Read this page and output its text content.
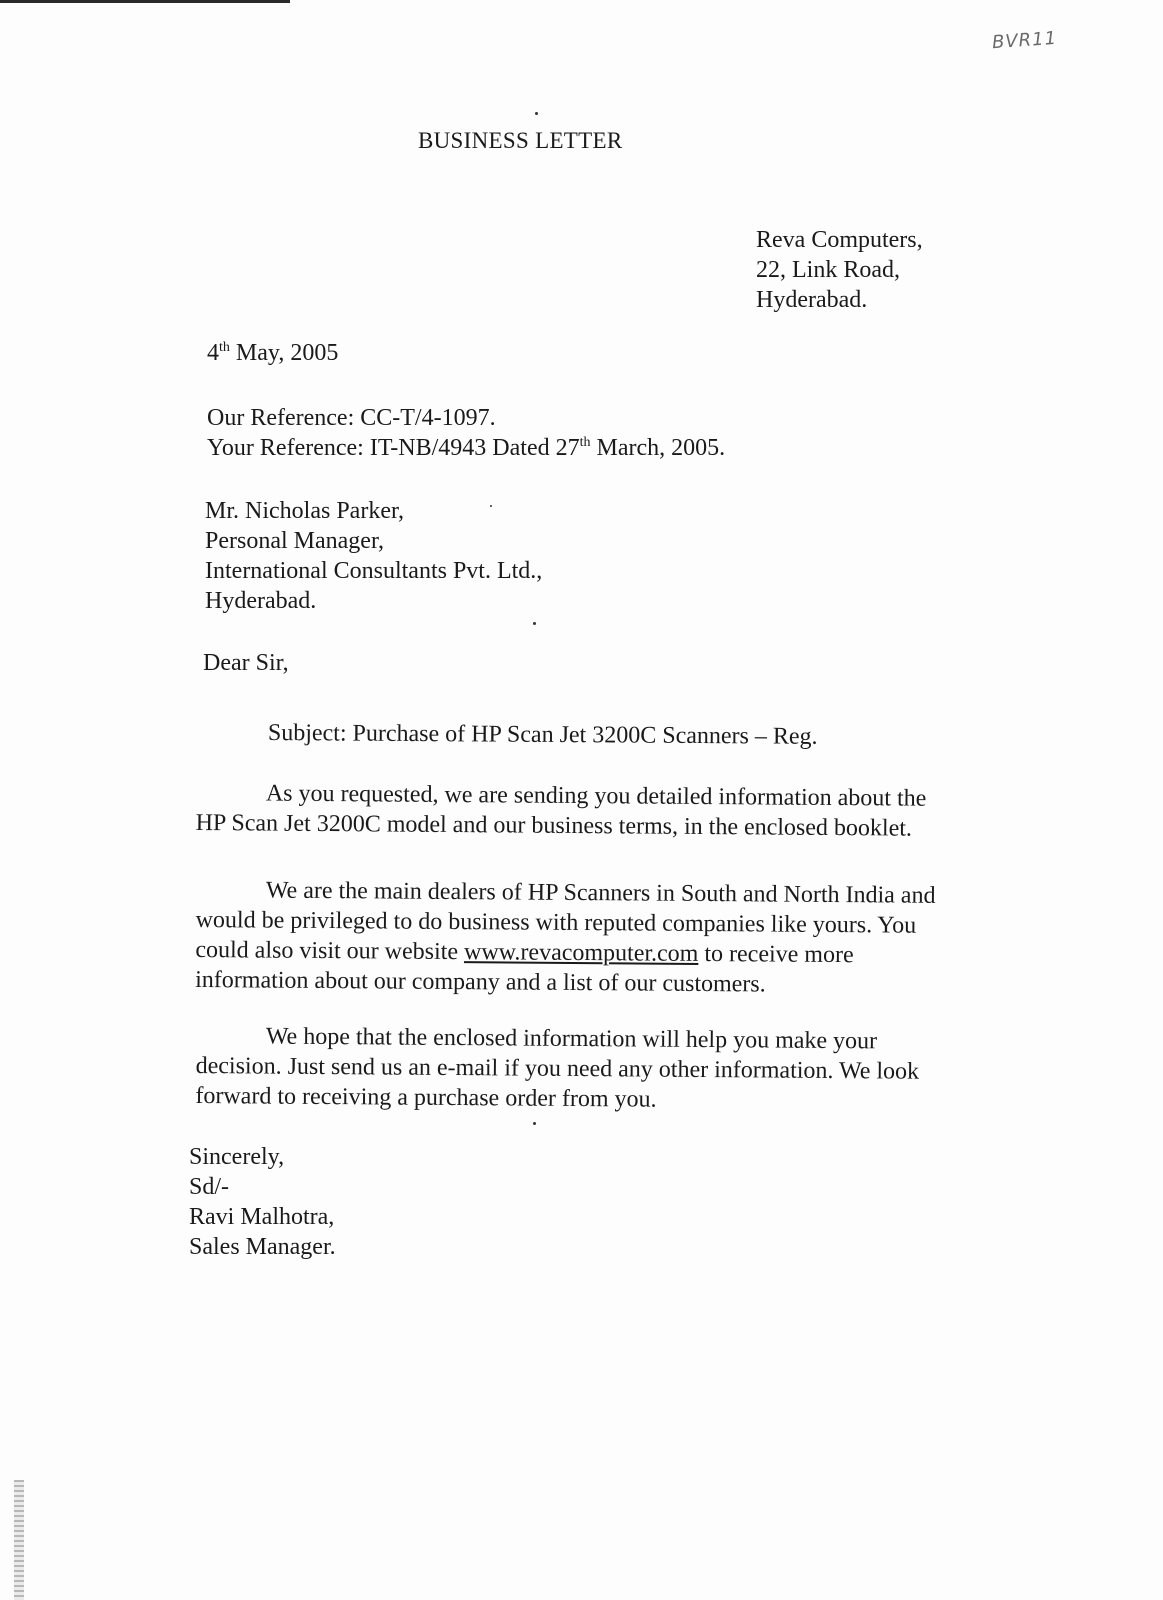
BVR11
BUSINESS LETTER
Reva Computers,
22, Link Road,
Hyderabad.
4th May, 2005
Our Reference: CC-T/4-1097.
Your Reference: IT-NB/4943 Dated 27th March, 2005.
Mr. Nicholas Parker,
Personal Manager,
International Consultants Pvt. Ltd.,
Hyderabad.
Dear Sir,
Subject: Purchase of HP Scan Jet 3200C Scanners – Reg.
As you requested, we are sending you detailed information about the
HP Scan Jet 3200C model and our business terms, in the enclosed booklet.
We are the main dealers of HP Scanners in South and North India and
would be privileged to do business with reputed companies like yours. You
could also visit our website www.revacomputer.com to receive more
information about our company and a list of our customers.
We hope that the enclosed information will help you make your
decision. Just send us an e-mail if you need any other information. We look
forward to receiving a purchase order from you.
Sincerely,
Sd/-
Ravi Malhotra,
Sales Manager.
